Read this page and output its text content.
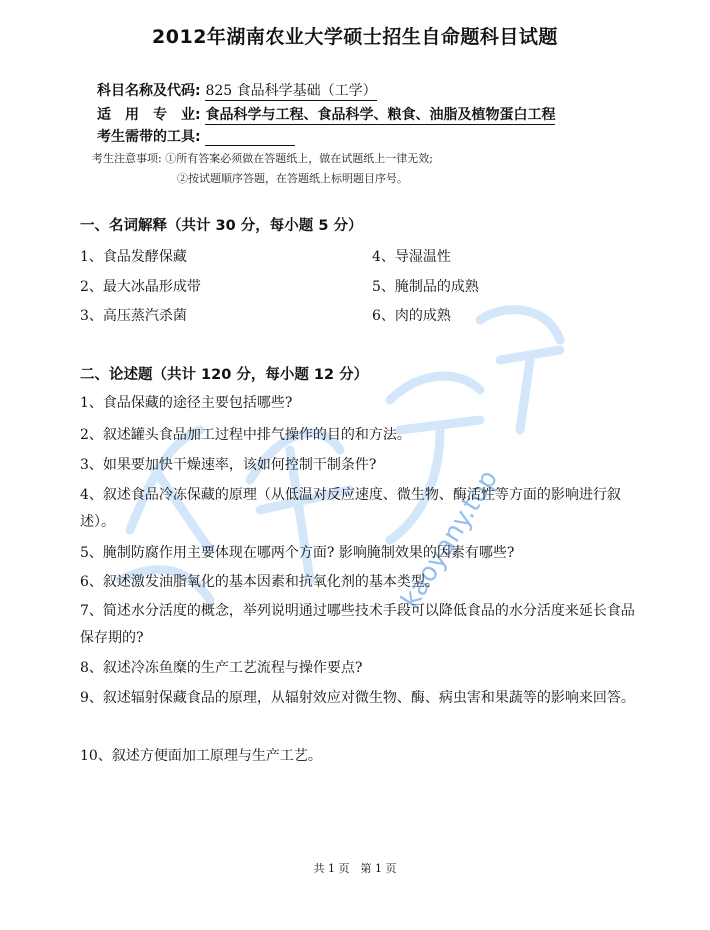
kaoyany.top
2012年湖南农业大学硕士招生自命题科目试题
科目名称及代码: 825 食品科学基础（工学）
适　用　专　业: 食品科学与工程、食品科学、粮食、油脂及植物蛋白工程
考生需带的工具:
考生注意事项: ①所有答案必须做在答题纸上，做在试题纸上一律无效;
②按试题顺序答题，在答题纸上标明题目序号。
一、名词解释（共计 30 分，每小题 5 分）
1、食品发酵保藏
2、最大冰晶形成带
3、高压蒸汽杀菌
4、导湿温性
5、腌制品的成熟
6、肉的成熟
二、论述题（共计 120 分，每小题 12 分）
1、食品保藏的途径主要包括哪些?
2、叙述罐头食品加工过程中排气操作的目的和方法。
3、如果要加快干燥速率，该如何控制干制条件?
4、叙述食品冷冻保藏的原理（从低温对反应速度、微生物、酶活性等方面的影响进行叙述）。
5、腌制防腐作用主要体现在哪两个方面? 影响腌制效果的因素有哪些?
6、叙述激发油脂氧化的基本因素和抗氧化剂的基本类型。
7、简述水分活度的概念，举列说明通过哪些技术手段可以降低食品的水分活度来延长食品保存期的?
8、叙述冷冻鱼糜的生产工艺流程与操作要点?
9、叙述辐射保藏食品的原理，从辐射效应对微生物、酶、病虫害和果蔬等的影响来回答。
10、叙述方便面加工原理与生产工艺。
共 1 页　第 1 页
